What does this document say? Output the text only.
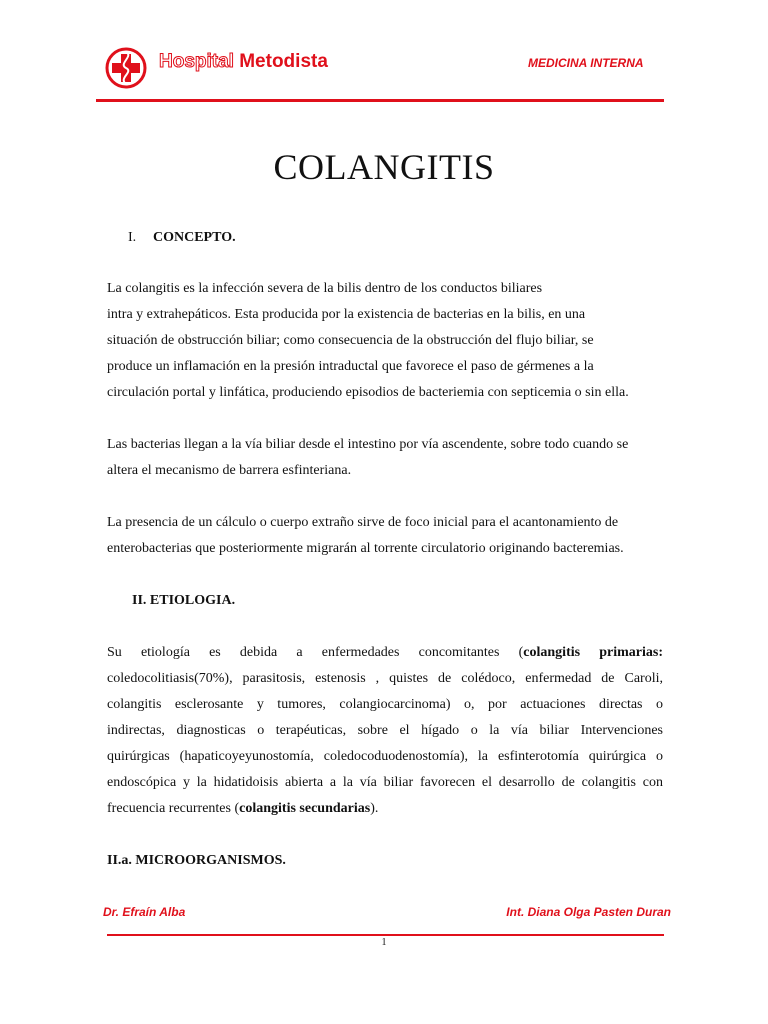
Hospital Metodista	MEDICINA INTERNA
COLANGITIS
I. CONCEPTO.
La colangitis es la infección severa de la bilis dentro de los conductos biliares
intra y extrahepáticos. Esta producida por la existencia de bacterias en la bilis, en una
situación de obstrucción biliar; como consecuencia de la obstrucción del flujo biliar, se
produce un inflamación en la presión intraductal que favorece el paso de gérmenes a la
circulación portal y linfática, produciendo episodios de bacteriemia con septicemia o sin ella.
Las bacterias llegan a la vía biliar desde el intestino por vía ascendente, sobre todo cuando se
altera el mecanismo de barrera esfinteriana.
La presencia de un cálculo o cuerpo extraño sirve de foco inicial para el acantonamiento de
enterobacterias que posteriormente migrarán al torrente circulatorio originando bacteremias.
II. ETIOLOGIA.
Su etiología es debida a enfermedades concomitantes (colangitis primarias:
coledocolitiasis(70%), parasitosis, estenosis , quistes de colédoco, enfermedad de Caroli,
colangitis esclerosante y tumores, colangiocarcinoma) o, por actuaciones directas o
indirectas, diagnosticas o terapéuticas, sobre el hígado o la vía biliar Intervenciones
quirúrgicas (hapaticoyeyunostomía, coledocoduodenostomía), la esfinterotomía quirúrgica o
endoscópica y la hidatidoisis abierta a la vía biliar favorecen el desarrollo de colangitis con
frecuencia recurrentes (colangitis secundarias).
II.a. MICROORGANISMOS.
Dr. Efraín Alba	Int. Diana Olga Pasten Duran
1
